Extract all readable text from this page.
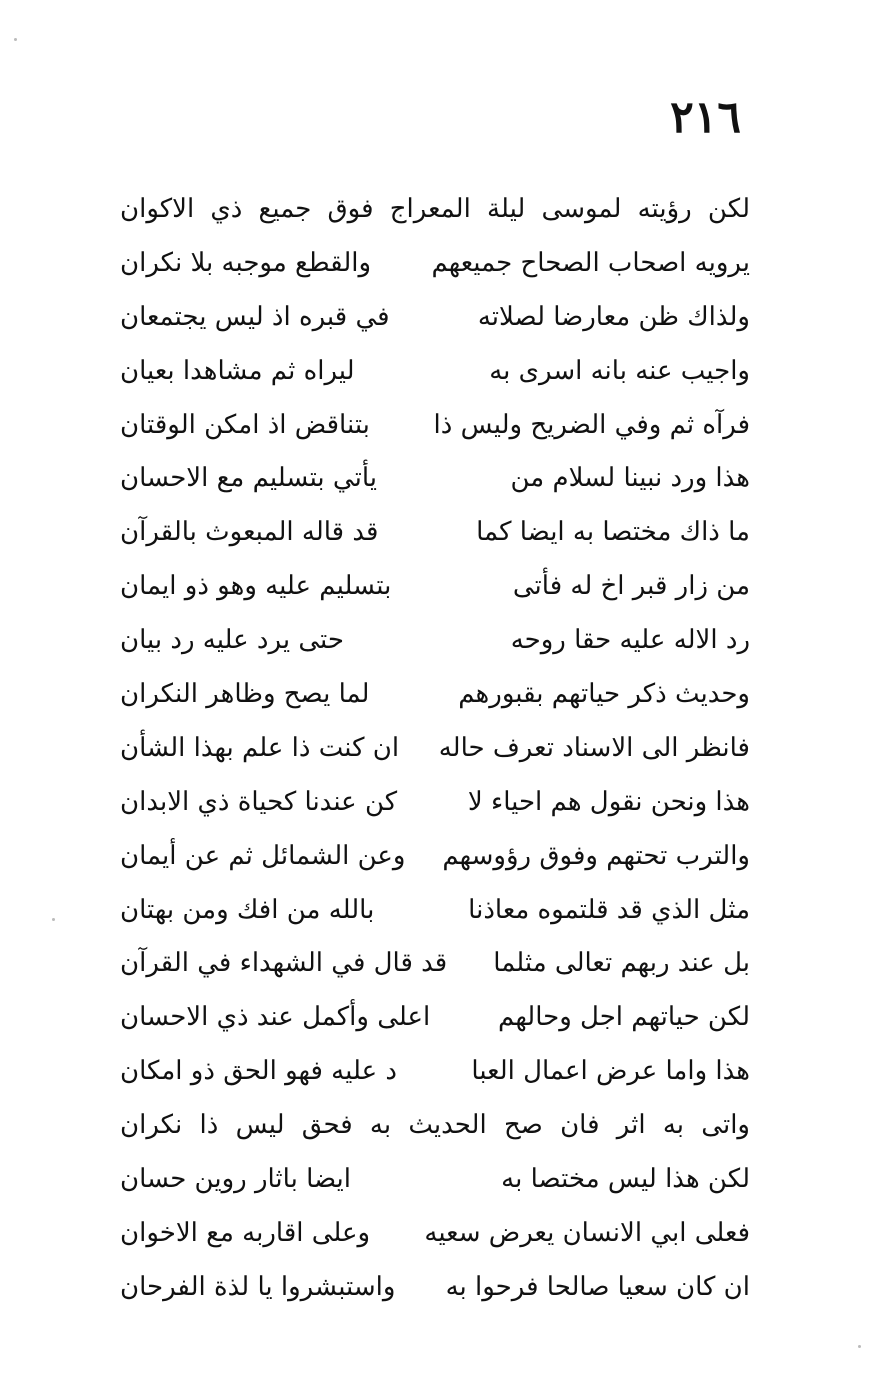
٢١٦
لكن رؤيته لموسى ليلة المعراج فوق جميع ذي الاكوان
يرويه اصحاب الصحاح جميعهم
والقطع موجبه بلا نكران
ولذاك ظن معارضا لصلاته
في قبره اذ ليس يجتمعان
واجيب عنه بانه اسرى به
ليراه ثم مشاهدا بعيان
فرآه ثم وفي الضريح وليس ذا
بتناقض اذ امكن الوقتان
هذا ورد نبينا لسلام من
يأتي بتسليم مع الاحسان
ما ذاك مختصا به ايضا كما
قد قاله المبعوث بالقرآن
من زار قبر اخ له فأتى
بتسليم عليه وهو ذو ايمان
رد الاله عليه حقا روحه
حتى يرد عليه رد بيان
وحديث ذكر حياتهم بقبورهم
لما يصح وظاهر النكران
فانظر الى الاسناد تعرف حاله
ان كنت ذا علم بهذا الشأن
هذا ونحن نقول هم احياء لا
كن عندنا كحياة ذي الابدان
والترب تحتهم وفوق رؤوسهم
وعن الشمائل ثم عن أيمان
مثل الذي قد قلتموه معاذنا
بالله من افك ومن بهتان
بل عند ربهم تعالى مثلما
قد قال في الشهداء في القرآن
لكن حياتهم اجل وحالهم
اعلى وأكمل عند ذي الاحسان
هذا واما عرض اعمال العبا
د عليه فهو الحق ذو امكان
واتى به اثر فان صح الحديث به فحق ليس ذا نكران
لكن هذا ليس مختصا به
ايضا باثار روين حسان
فعلى ابي الانسان يعرض سعيه
وعلى اقاربه مع الاخوان
ان كان سعيا صالحا فرحوا به
واستبشروا يا لذة الفرحان
